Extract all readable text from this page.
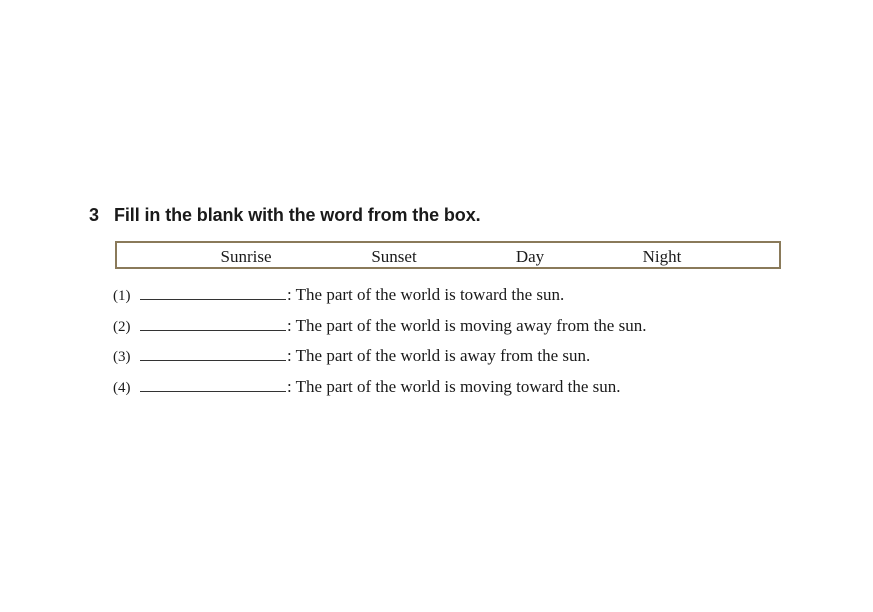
3 Fill in the blank with the word from the box.
Sunrise	Sunset	Day	Night
(1)	: The part of the world is toward the sun.
(2)	: The part of the world is moving away from the sun.
(3)	: The part of the world is away from the sun.
(4)	: The part of the world is moving toward the sun.
